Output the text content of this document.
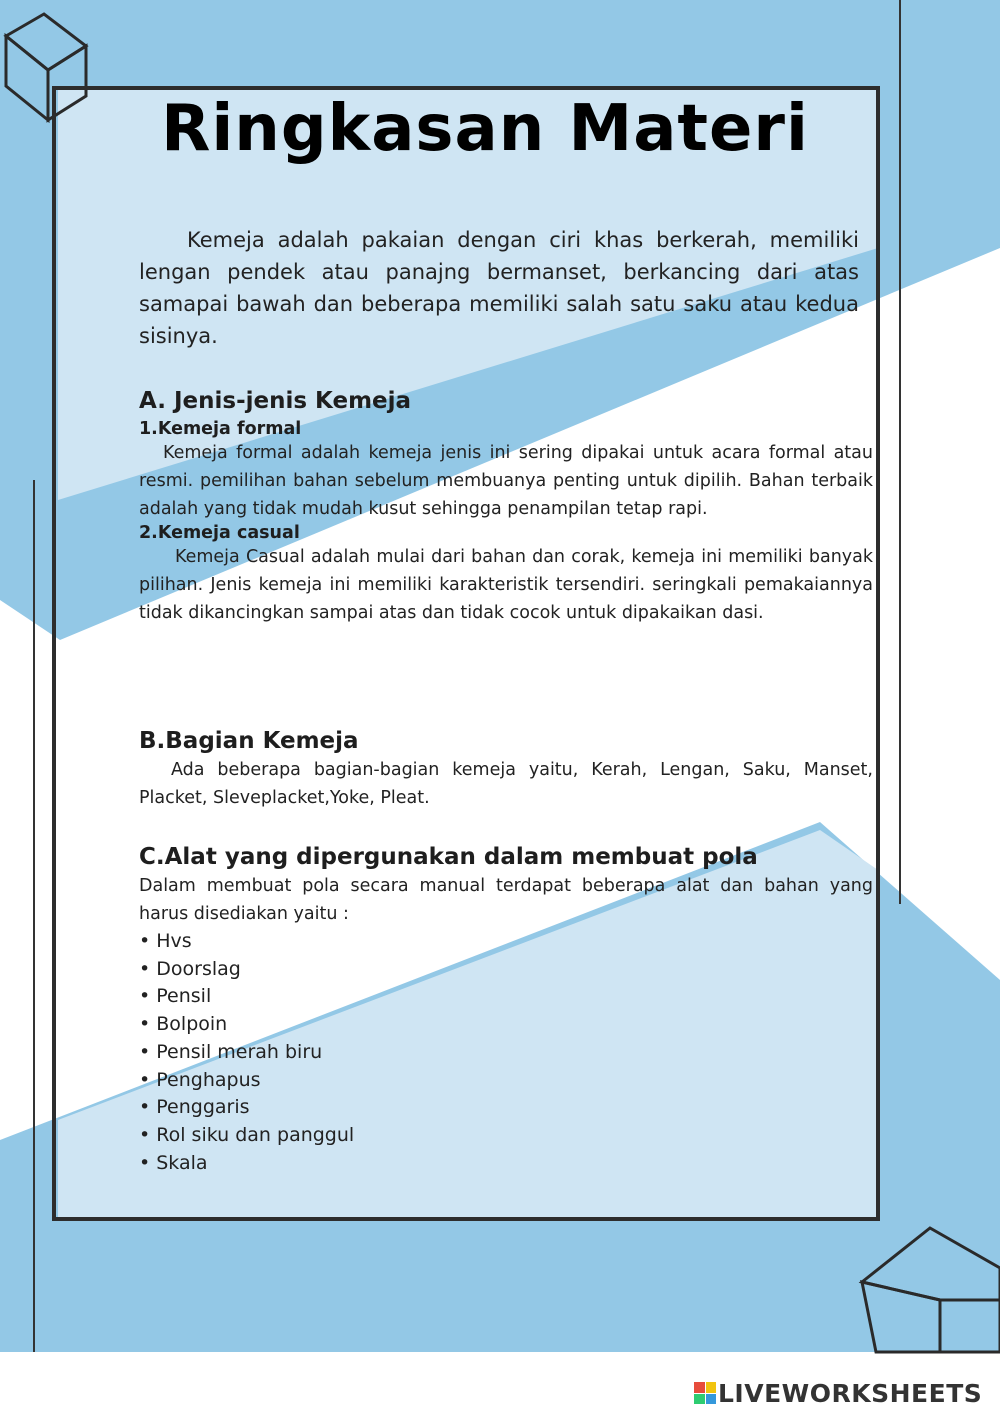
Ringkasan Materi
Kemeja adalah pakaian dengan ciri khas berkerah, memiliki lengan pendek atau panajng bermanset, berkancing dari atas samapai bawah dan beberapa memiliki salah satu saku atau kedua sisinya.
A. Jenis-jenis Kemeja
1.Kemeja formal
Kemeja formal adalah kemeja jenis ini sering dipakai untuk acara formal atau resmi. pemilihan bahan sebelum membuanya penting untuk dipilih. Bahan terbaik adalah yang tidak mudah kusut sehingga penampilan tetap rapi.
2.Kemeja casual
Kemeja Casual adalah mulai dari bahan dan corak, kemeja ini memiliki banyak pilihan. Jenis kemeja ini memiliki karakteristik tersendiri. seringkali pemakaiannya tidak dikancingkan sampai atas dan tidak cocok untuk dipakaikan dasi.
B.Bagian Kemeja
Ada beberapa bagian-bagian kemeja yaitu, Kerah, Lengan, Saku, Manset, Placket, Sleveplacket,Yoke, Pleat.
C.Alat yang dipergunakan dalam membuat pola
Dalam membuat pola secara manual terdapat beberapa alat dan bahan yang harus disediakan yaitu :
• Hvs
• Doorslag
• Pensil
• Bolpoin
• Pensil merah biru
• Penghapus
• Penggaris
• Rol siku dan panggul
• Skala
LIVEWORKSHEETS
